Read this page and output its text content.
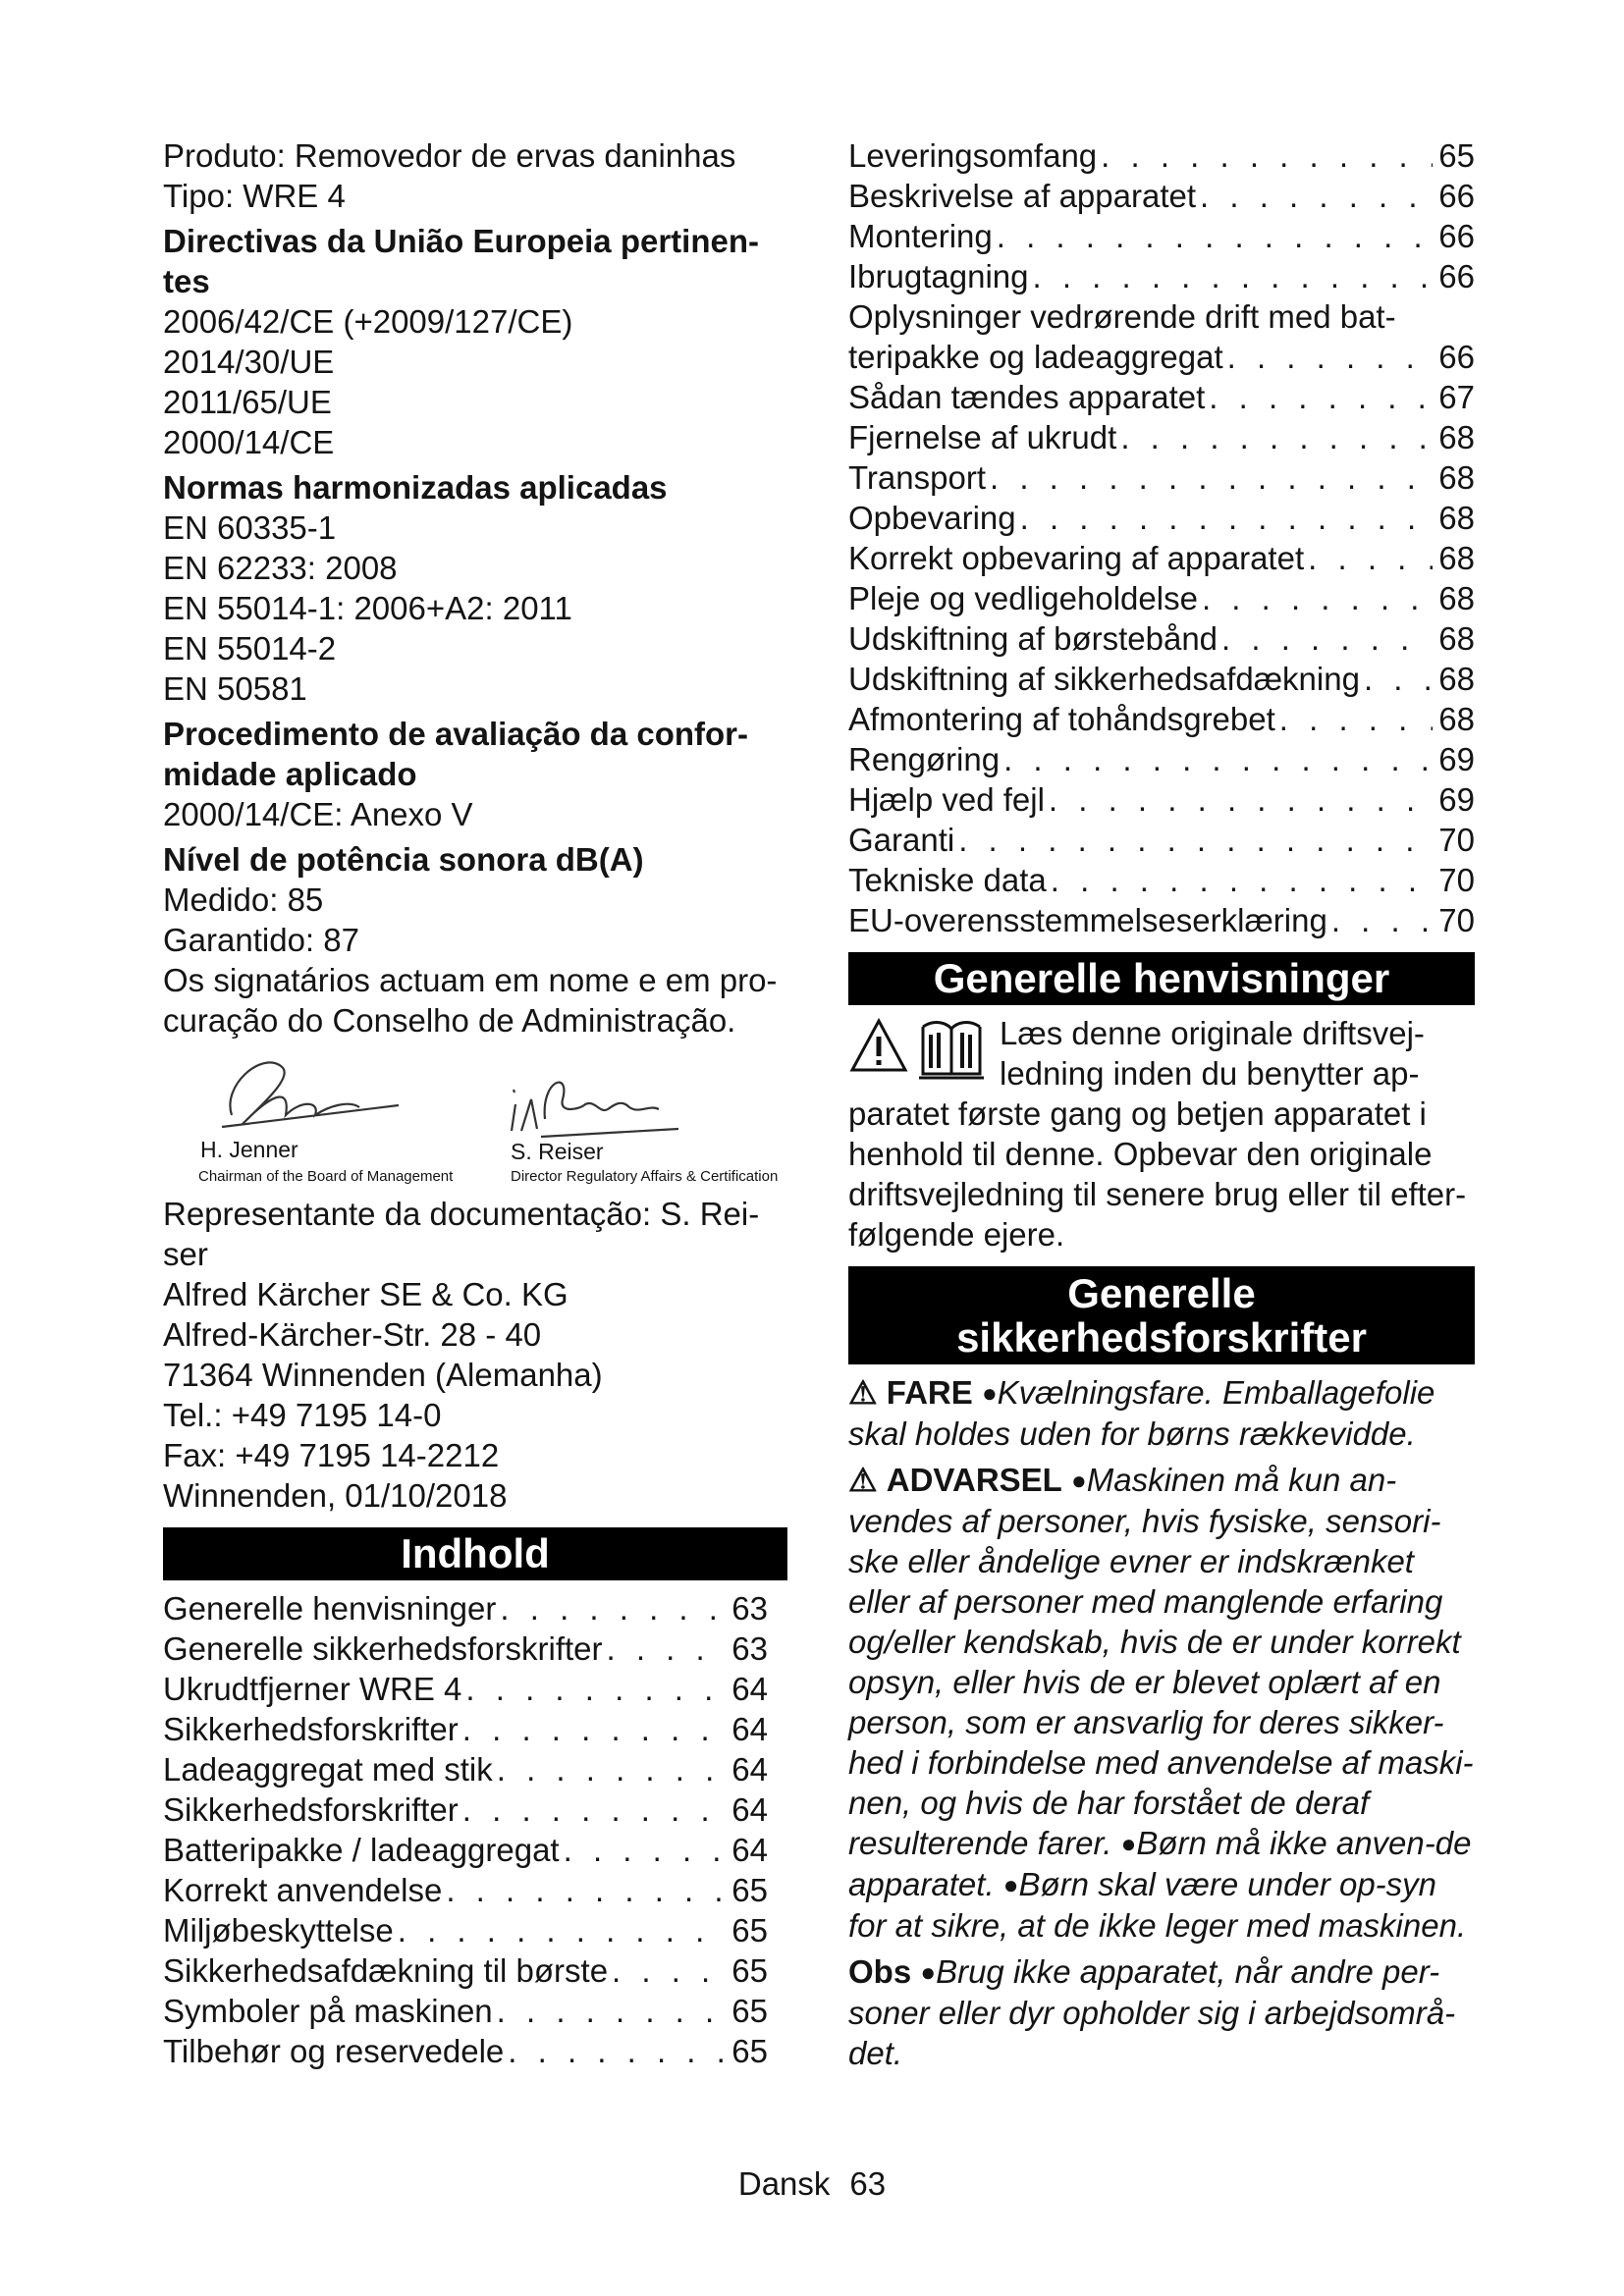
Produto: Removedor de ervas daninhas
Tipo: WRE 4
Directivas da União Europeia pertinen-tes
2006/42/CE (+2009/127/CE)
2014/30/UE
2011/65/UE
2000/14/CE
Normas harmonizadas aplicadas
EN 60335-1
EN 62233: 2008
EN 55014-1: 2006+A2: 2011
EN 55014-2
EN 50581
Procedimento de avaliação da confor-midade aplicado
2000/14/CE: Anexo V
Nível de potência sonora dB(A)
Medido: 85
Garantido: 87
Os signatários actuam em nome e em pro-curação do Conselho de Administração.
H. Jenner
Chairman of the Board of Management
S. Reiser
Director Regulatory Affairs & Certification
Representante da documentação: S. Rei-ser
Alfred Kärcher SE & Co. KG
Alfred-Kärcher-Str. 28 - 40
71364 Winnenden (Alemanha)
Tel.: +49 7195 14-0
Fax: +49 7195 14-2212
Winnenden, 01/10/2018
Indhold
Generelle henvisninger . . .	63
Generelle sikkerhedsforskrifter . . .	63
Ukrudtfjerner WRE 4 . . .	64
Sikkerhedsforskrifter . . .	64
Ladeaggregat med stik . . .	64
Sikkerhedsforskrifter . . .	64
Batteripakke / ladeaggregat . . .	64
Korrekt anvendelse . . .	65
Miljøbeskyttelse . . .	65
Sikkerhedsafdækning til børste . . .	65
Symboler på maskinen . . .	65
Tilbehør og reservedele . . .	65
Leveringsomfang . . .	65
Beskrivelse af apparatet . . .	66
Montering . . .	66
Ibrugtagning . . .	66
Oplysninger vedrørende drift med bat-
teripakke og ladeaggregat . . .	66
Sådan tændes apparatet . . .	67
Fjernelse af ukrudt . . .	68
Transport . . .	68
Opbevaring . . .	68
Korrekt opbevaring af apparatet . . .	68
Pleje og vedligeholdelse . . .	68
Udskiftning af børstebånd . . .	68
Udskiftning af sikkerhedsafdækning . . . 68
Afmontering af tohåndsgrebet . . .	68
Rengøring . . .	69
Hjælp ved fejl . . .	69
Garanti . . .	70
Tekniske data . . .	70
EU-overensstemmelseserklæring . . .	70
Generelle henvisninger
Læs denne originale driftsvej-ledning inden du benytter ap-paratet første gang og betjen apparatet i henhold til denne. Opbevar den originale driftsvejledning til senere brug eller til efter-følgende ejere.
Generelle
sikkerhedsforskrifter
⚠ FARE ●Kvælningsfare. Emballagefolie skal holdes uden for børns rækkevidde.
⚠ ADVARSEL ●Maskinen må kun an-vendes af personer, hvis fysiske, sensori-ske eller åndelige evner er indskrænket eller af personer med manglende erfaring og/eller kendskab, hvis de er under korrekt opsyn, eller hvis de er blevet oplært af en person, som er ansvarlig for deres sikker-hed i forbindelse med anvendelse af maski-nen, og hvis de har forstået de deraf resulterende farer. ●Børn må ikke anven-de apparatet. ●Børn skal være under op-syn for at sikre, at de ikke leger med maskinen.
Obs ●Brug ikke apparatet, når andre per-soner eller dyr opholder sig i arbejdsområ-det.
Dansk 63
